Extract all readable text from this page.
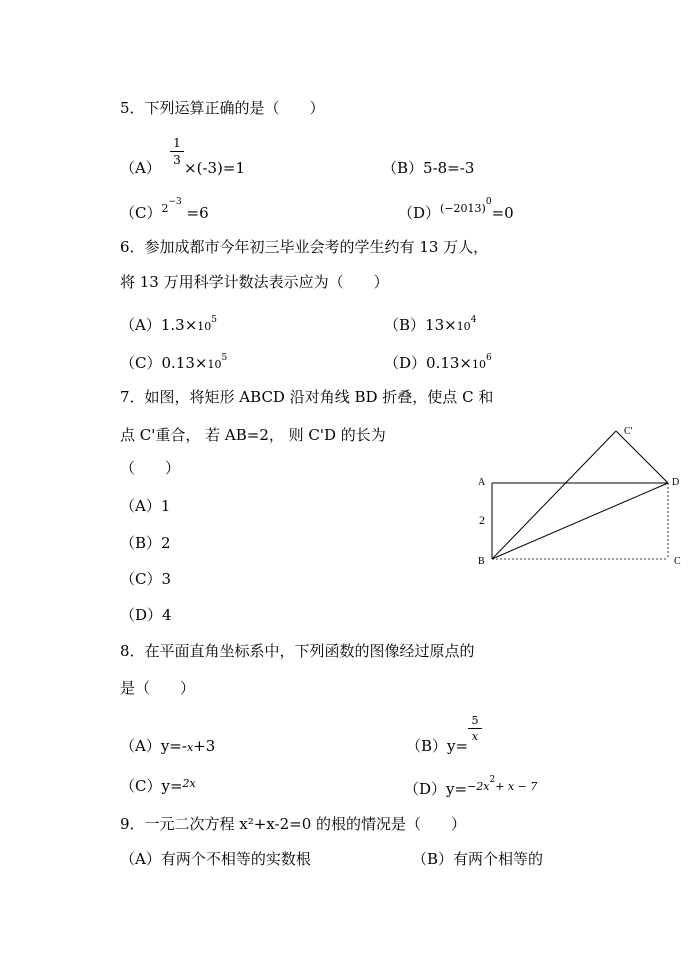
5．下列运算正确的是（　　）
（A）
1
3 ×(-3)=1	（B）5-8=-3
$(C)^{2-3} =6$	$(D)^{(-2013)0}=0$
6．参加成都市今年初三毕业会考的学生约有 13 万人，
将 13 万用科学计数法表示应为（　　）
$(A)1.3\times 10^5$	$(B)13\times 10^4$
$(C)0.13\times 10^5$	$(D)0.13\times 10^6$
7．如图，将矩形 ABCD 沿对角线 BD 折叠，使点 C 和
点 C'重合， 若 AB=2， 则 C'D 的长为
（　　）
（A）1
（B）2
（C）3
（D）4
A
B	C
D
C'
2
8．在平面直角坐标系中，下列函数的图像经过原点的
是（　　）
（A）y=-x+3	（B）y=
5
x
（C）y=$^{2x}$	（D）y=$^{-2x2+ x - 7}$
9．一元二次方程 x²+x-2=0 的根的情况是（　　）
（A）有两个不相等的实数根	（B）有两个相等的
